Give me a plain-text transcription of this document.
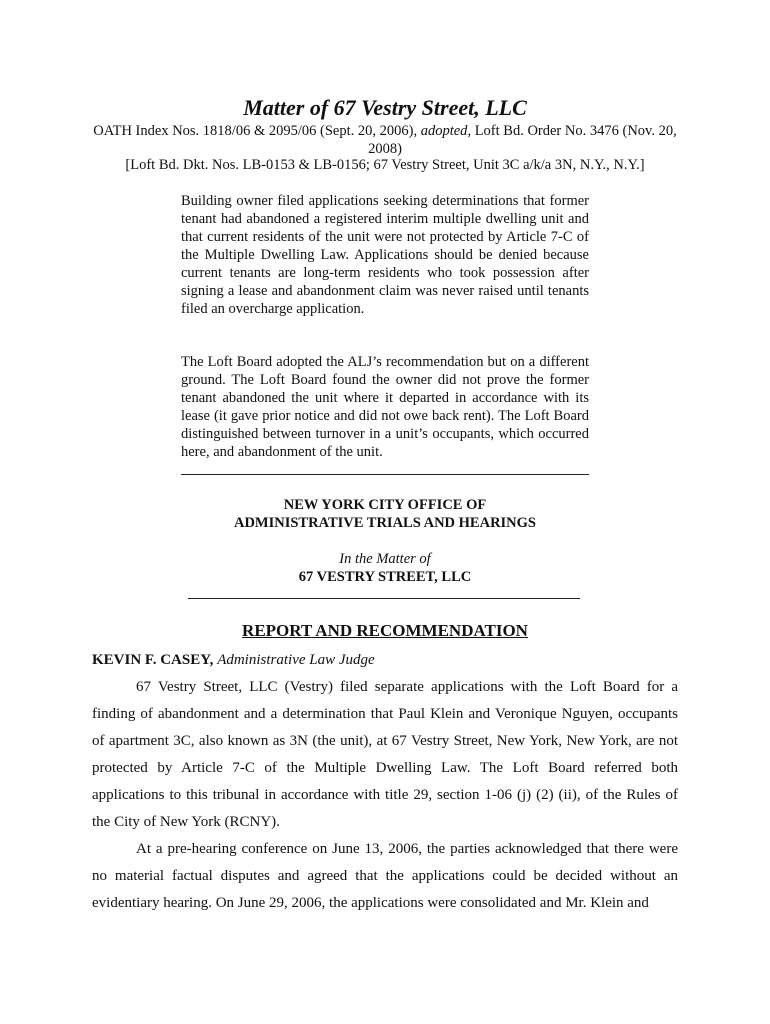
Matter of 67 Vestry Street, LLC
OATH Index Nos. 1818/06 & 2095/06 (Sept. 20, 2006), adopted, Loft Bd. Order No. 3476 (Nov. 20, 2008)
[Loft Bd. Dkt. Nos. LB-0153 & LB-0156; 67 Vestry Street, Unit 3C a/k/a 3N, N.Y., N.Y.]

Building owner filed applications seeking determinations that former tenant had abandoned a registered interim multiple dwelling unit and that current residents of the unit were not protected by Article 7-C of the Multiple Dwelling Law. Applications should be denied because current tenants are long-term residents who took possession after signing a lease and abandonment claim was never raised until tenants filed an overcharge application.

The Loft Board adopted the ALJ’s recommendation but on a different ground. The Loft Board found the owner did not prove the former tenant abandoned the unit where it departed in accordance with its lease (it gave prior notice and did not owe back rent). The Loft Board distinguished between turnover in a unit’s occupants, which occurred here, and abandonment of the unit.

NEW YORK CITY OFFICE OF
ADMINISTRATIVE TRIALS AND HEARINGS
In the Matter of
67 VESTRY STREET, LLC
REPORT AND RECOMMENDATION
KEVIN F. CASEY, Administrative Law Judge

67 Vestry Street, LLC (Vestry) filed separate applications with the Loft Board for a finding of abandonment and a determination that Paul Klein and Veronique Nguyen, occupants of apartment 3C, also known as 3N (the unit), at 67 Vestry Street, New York, New York, are not protected by Article 7-C of the Multiple Dwelling Law. The Loft Board referred both applications to this tribunal in accordance with title 29, section 1-06 (j) (2) (ii), of the Rules of the City of New York (RCNY).

At a pre-hearing conference on June 13, 2006, the parties acknowledged that there were no material factual disputes and agreed that the applications could be decided without an evidentiary hearing. On June 29, 2006, the applications were consolidated and Mr. Klein and
